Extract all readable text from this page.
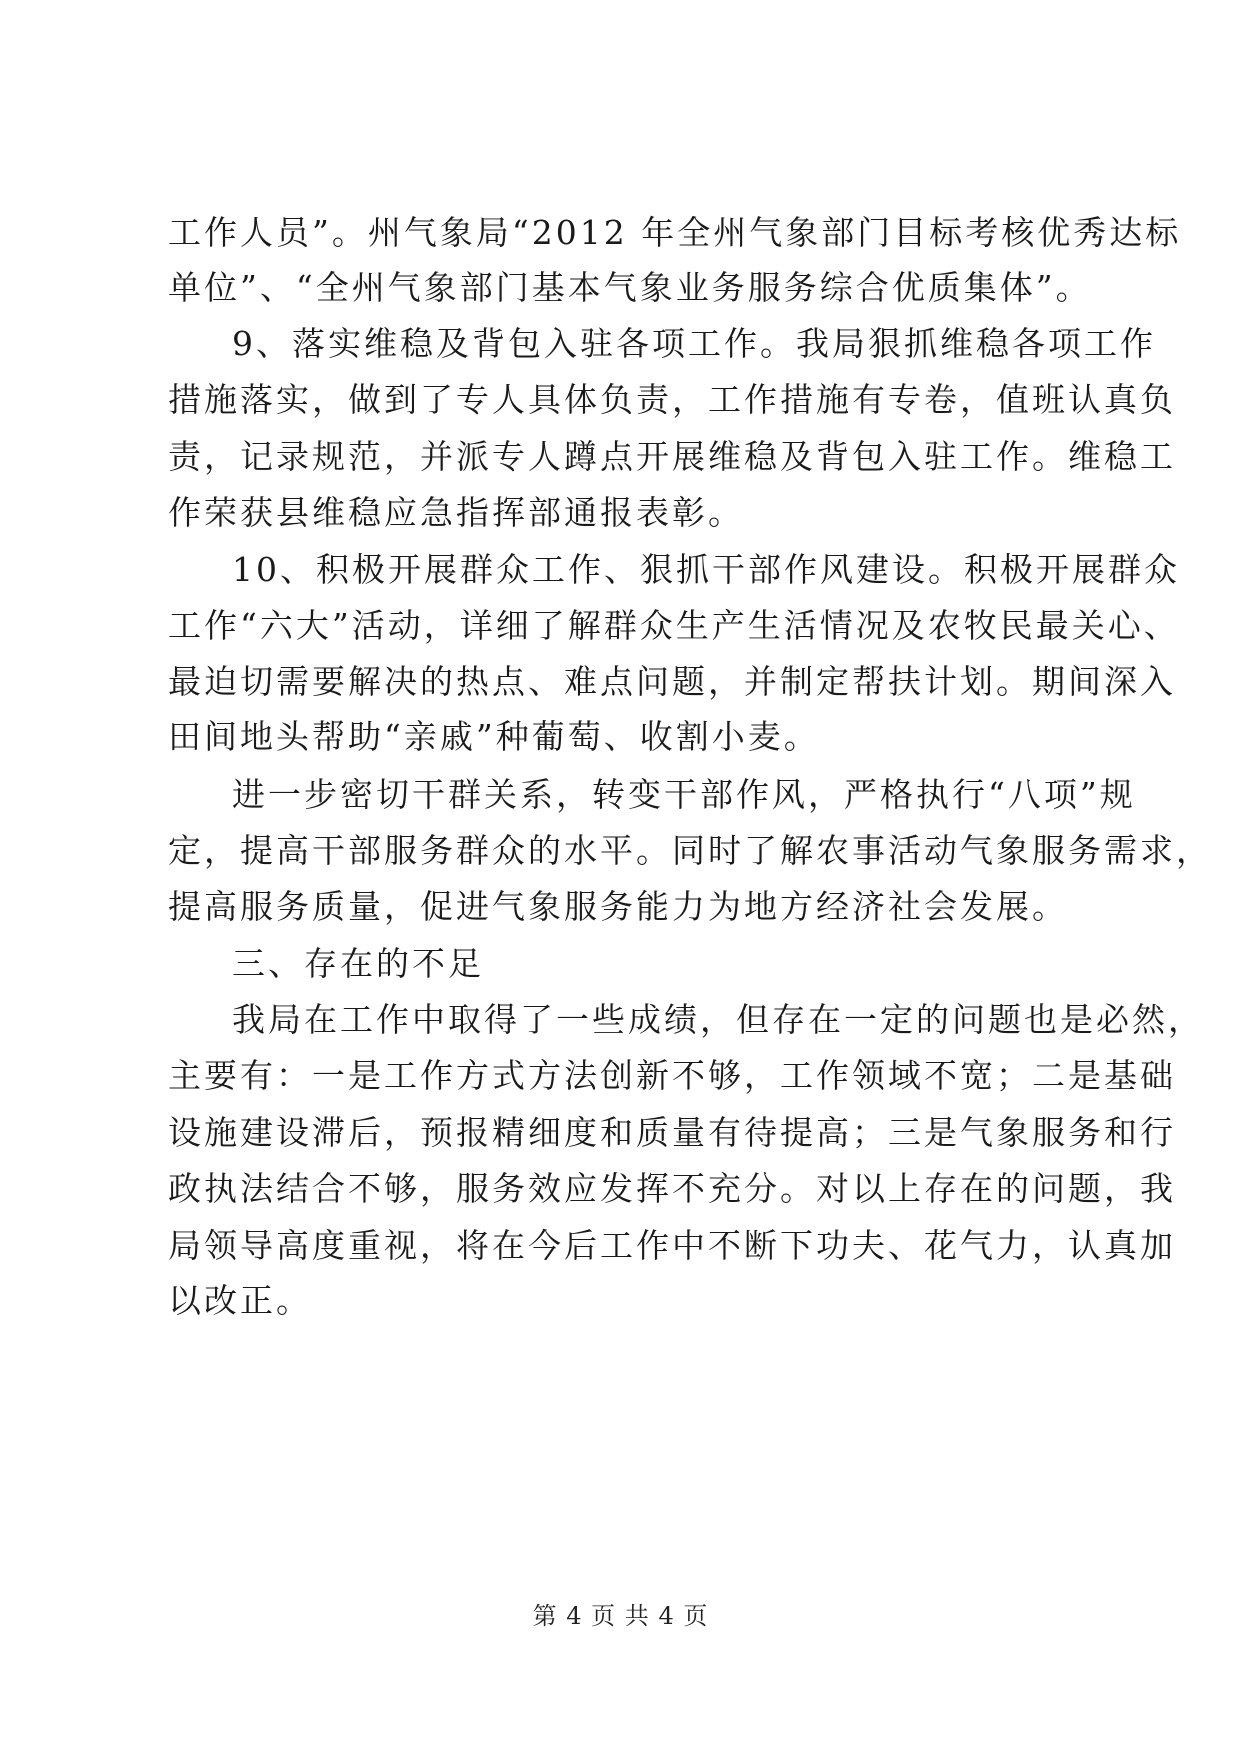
工作人员”。州气象局“2012 年全州气象部门目标考核优秀达标
单位”、“全州气象部门基本气象业务服务综合优质集体”。
9、落实维稳及背包入驻各项工作。我局狠抓维稳各项工作
措施落实，做到了专人具体负责，工作措施有专卷，值班认真负
责，记录规范，并派专人蹲点开展维稳及背包入驻工作。维稳工
作荣获县维稳应急指挥部通报表彰。
10、积极开展群众工作、狠抓干部作风建设。积极开展群众
工作“六大”活动，详细了解群众生产生活情况及农牧民最关心、
最迫切需要解决的热点、难点问题，并制定帮扶计划。期间深入
田间地头帮助“亲戚”种葡萄、收割小麦。
进一步密切干群关系，转变干部作风，严格执行“八项”规
定，提高干部服务群众的水平。同时了解农事活动气象服务需求，
提高服务质量，促进气象服务能力为地方经济社会发展。
三、存在的不足
我局在工作中取得了一些成绩，但存在一定的问题也是必然，
主要有：一是工作方式方法创新不够，工作领域不宽；二是基础
设施建设滞后，预报精细度和质量有待提高；三是气象服务和行
政执法结合不够，服务效应发挥不充分。对以上存在的问题，我
局领导高度重视，将在今后工作中不断下功夫、花气力，认真加
以改正。
第 4 页 共 4 页
